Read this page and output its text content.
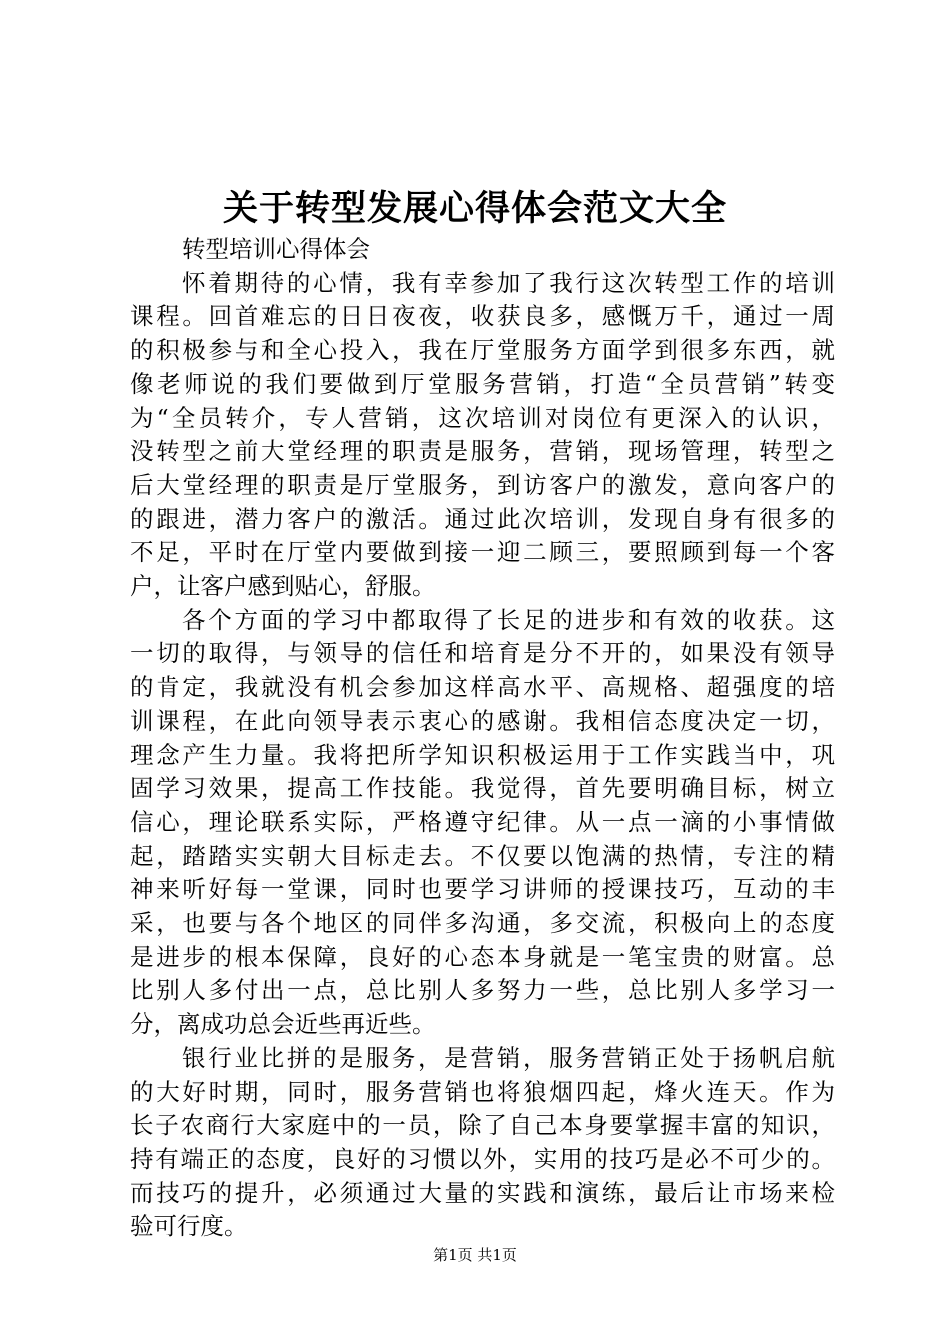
关于转型发展心得体会范文大全
转型培训心得体会
怀着期待的心情，我有幸参加了我行这次转型工作的培训
课程。回首难忘的日日夜夜，收获良多，感慨万千，通过一周
的积极参与和全心投入，我在厅堂服务方面学到很多东西，就
像老师说的我们要做到厅堂服务营销，打造“全员营销”转变
为“全员转介，专人营销，这次培训对岗位有更深入的认识，
没转型之前大堂经理的职责是服务，营销，现场管理，转型之
后大堂经理的职责是厅堂服务，到访客户的激发，意向客户的
的跟进，潜力客户的激活。通过此次培训，发现自身有很多的
不足，平时在厅堂内要做到接一迎二顾三，要照顾到每一个客
户，让客户感到贴心，舒服。
各个方面的学习中都取得了长足的进步和有效的收获。这
一切的取得，与领导的信任和培育是分不开的，如果没有领导
的肯定，我就没有机会参加这样高水平、高规格、超强度的培
训课程，在此向领导表示衷心的感谢。我相信态度决定一切，
理念产生力量。我将把所学知识积极运用于工作实践当中，巩
固学习效果，提高工作技能。我觉得，首先要明确目标，树立
信心，理论联系实际，严格遵守纪律。从一点一滴的小事情做
起，踏踏实实朝大目标走去。不仅要以饱满的热情，专注的精
神来听好每一堂课，同时也要学习讲师的授课技巧，互动的丰
采，也要与各个地区的同伴多沟通，多交流，积极向上的态度
是进步的根本保障，良好的心态本身就是一笔宝贵的财富。总
比别人多付出一点，总比别人多努力一些，总比别人多学习一
分，离成功总会近些再近些。
银行业比拼的是服务，是营销，服务营销正处于扬帆启航
的大好时期，同时，服务营销也将狼烟四起，烽火连天。作为
长子农商行大家庭中的一员，除了自己本身要掌握丰富的知识，
持有端正的态度，良好的习惯以外，实用的技巧是必不可少的。
而技巧的提升，必须通过大量的实践和演练，最后让市场来检
验可行度。
第1页 共1页
